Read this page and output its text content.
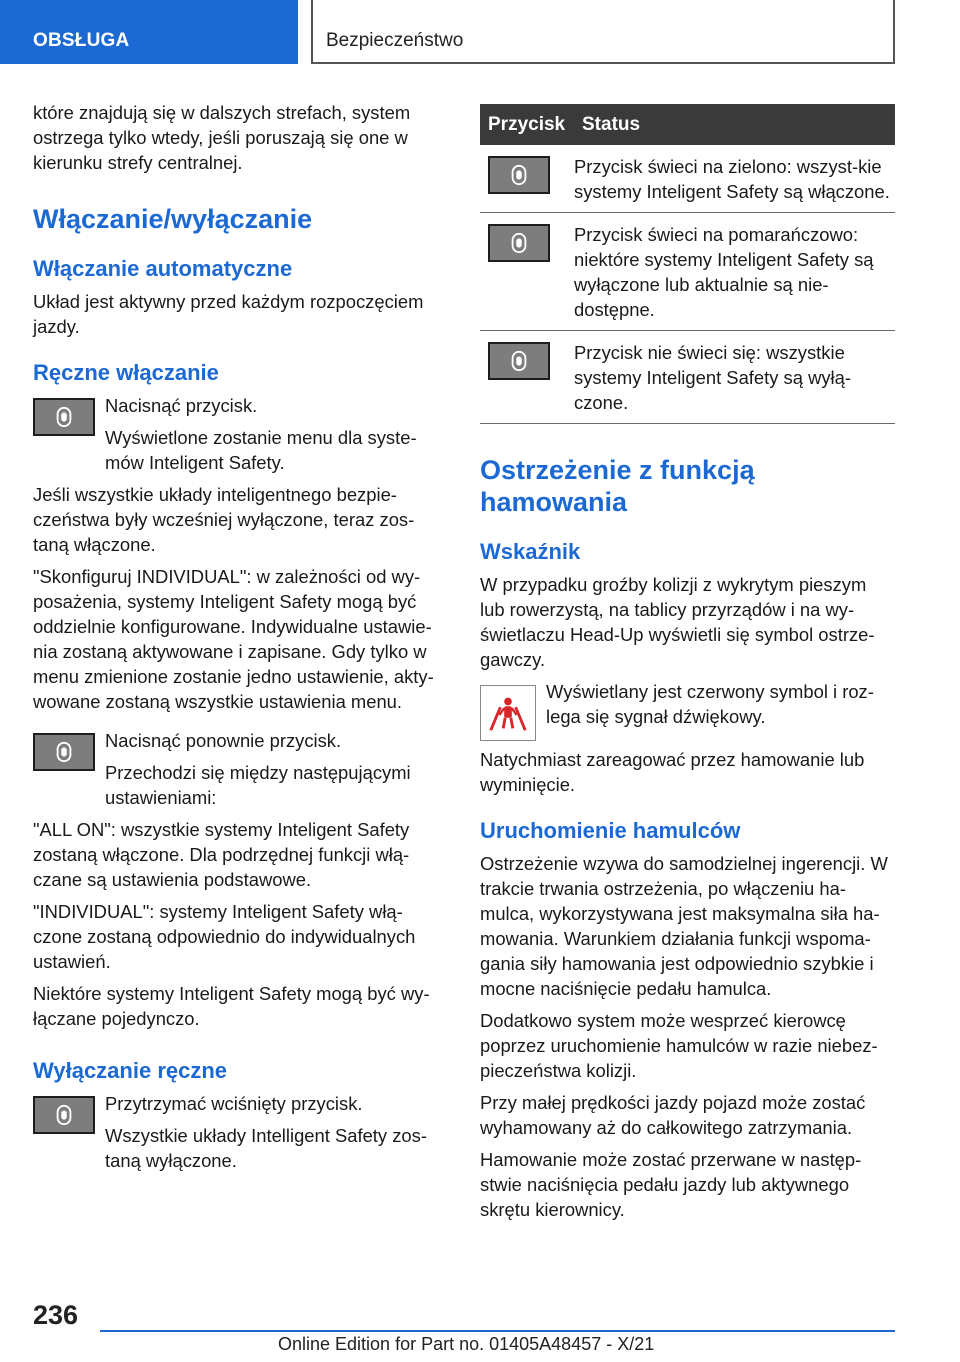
OBSŁUGA	Bezpieczeństwo

które znajdują się w dalszych strefach, system ostrzega tylko wtedy, jeśli poruszają się one w kierunku strefy centralnej.

Włączanie/wyłączanie
Włączanie automatyczne

Układ jest aktywny przed każdym rozpoczęciem jazdy.

Ręczne włączanie

Nacisnąć przycisk.

Wyświetlone zostanie menu dla syste-mów Inteligent Safety.

Jeśli wszystkie układy inteligentnego bezpie-czeństwa były wcześniej wyłączone, teraz zos-taną włączone.

"Skonfiguruj INDIVIDUAL": w zależności od wy-posażenia, systemy Inteligent Safety mogą być oddzielnie konfigurowane. Indywidualne ustawie-nia zostaną aktywowane i zapisane. Gdy tylko w menu zmienione zostanie jedno ustawienie, akty-wowane zostaną wszystkie ustawienia menu.

Nacisnąć ponownie przycisk.

Przechodzi się między następującymi ustawieniami:

"ALL ON": wszystkie systemy Inteligent Safety zostaną włączone. Dla podrzędnej funkcji włą-czane są ustawienia podstawowe.

"INDIVIDUAL": systemy Inteligent Safety włą-czone zostaną odpowiednio do indywidualnych ustawień.

Niektóre systemy Inteligent Safety mogą być wy-łączane pojedynczo.

Wyłączanie ręczne

Przytrzymać wciśnięty przycisk.

Wszystkie układy Intelligent Safety zos-taną wyłączone.

Przycisk	Status

	Przycisk świeci na zielono: wszyst-kie systemy Inteligent Safety są włączone.

	Przycisk świeci na pomarańczowo: niektóre systemy Inteligent Safety są wyłączone lub aktualnie są nie-dostępne.

	Przycisk nie świeci się: wszystkie systemy Inteligent Safety są wyłą-czone.
Ostrzeżenie z funkcją hamowania
Wskaźnik

W przypadku groźby kolizji z wykrytym pieszym lub rowerzystą, na tablicy przyrządów i na wy-świetlaczu Head-Up wyświetli się symbol ostrze-gawczy.

Wyświetlany jest czerwony symbol i roz-lega się sygnał dźwiękowy.

Natychmiast zareagować przez hamowanie lub wyminięcie.

Uruchomienie hamulców

Ostrzeżenie wzywa do samodzielnej ingerencji. W trakcie trwania ostrzeżenia, po włączeniu ha-mulca, wykorzystywana jest maksymalna siła ha-mowania. Warunkiem działania funkcji wspoma-gania siły hamowania jest odpowiednio szybkie i mocne naciśnięcie pedału hamulca.

Dodatkowo system może wesprzeć kierowcę poprzez uruchomienie hamulców w razie niebez-pieczeństwa kolizji.

Przy małej prędkości jazdy pojazd może zostać wyhamowany aż do całkowitego zatrzymania.

Hamowanie może zostać przerwane w następ-stwie naciśnięcia pedału jazdy lub aktywnego skrętu kierownicy.

236
Online Edition for Part no. 01405A48457 - X/21
